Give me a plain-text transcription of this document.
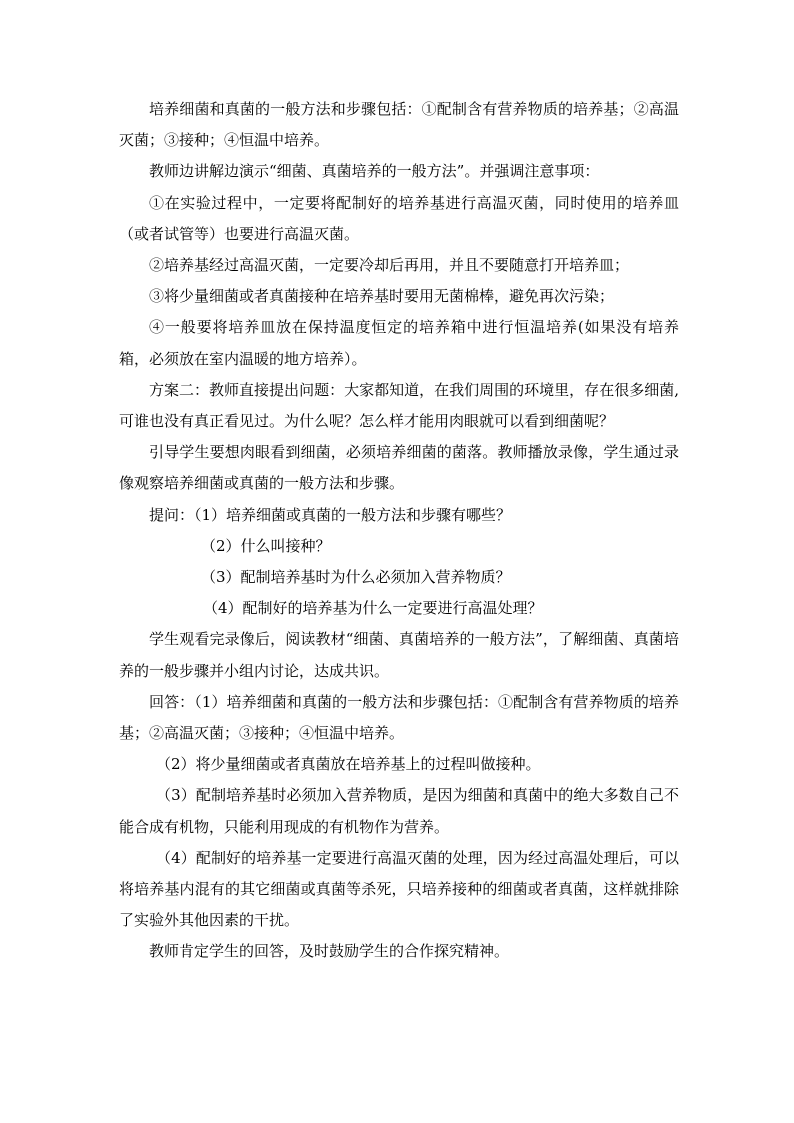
培养细菌和真菌的一般方法和步骤包括：①配制含有营养物质的培养基；②高温灭菌；③接种；④恒温中培养。

教师边讲解边演示“细菌、真菌培养的一般方法”。并强调注意事项：

①在实验过程中，一定要将配制好的培养基进行高温灭菌，同时使用的培养皿（或者试管等）也要进行高温灭菌。

②培养基经过高温灭菌，一定要冷却后再用，并且不要随意打开培养皿；

③将少量细菌或者真菌接种在培养基时要用无菌棉棒，避免再次污染；

④一般要将培养皿放在保持温度恒定的培养箱中进行恒温培养(如果没有培养箱，必须放在室内温暖的地方培养）。

方案二：教师直接提出问题：大家都知道，在我们周围的环境里，存在很多细菌,可谁也没有真正看见过。为什么呢？怎么样才能用肉眼就可以看到细菌呢？

引导学生要想肉眼看到细菌，必须培养细菌的菌落。教师播放录像，学生通过录像观察培养细菌或真菌的一般方法和步骤。

提问：（1）培养细菌或真菌的一般方法和步骤有哪些？

（2）什么叫接种？

（3）配制培养基时为什么必须加入营养物质？

（4）配制好的培养基为什么一定要进行高温处理？

学生观看完录像后，阅读教材“细菌、真菌培养的一般方法”，了解细菌、真菌培养的一般步骤并小组内讨论，达成共识。

回答：（1）培养细菌和真菌的一般方法和步骤包括：①配制含有营养物质的培养基；②高温灭菌；③接种；④恒温中培养。

（2）将少量细菌或者真菌放在培养基上的过程叫做接种。

（3）配制培养基时必须加入营养物质，是因为细菌和真菌中的绝大多数自己不能合成有机物，只能利用现成的有机物作为营养。

（4）配制好的培养基一定要进行高温灭菌的处理，因为经过高温处理后，可以将培养基内混有的其它细菌或真菌等杀死，只培养接种的细菌或者真菌，这样就排除了实验外其他因素的干扰。

教师肯定学生的回答，及时鼓励学生的合作探究精神。
